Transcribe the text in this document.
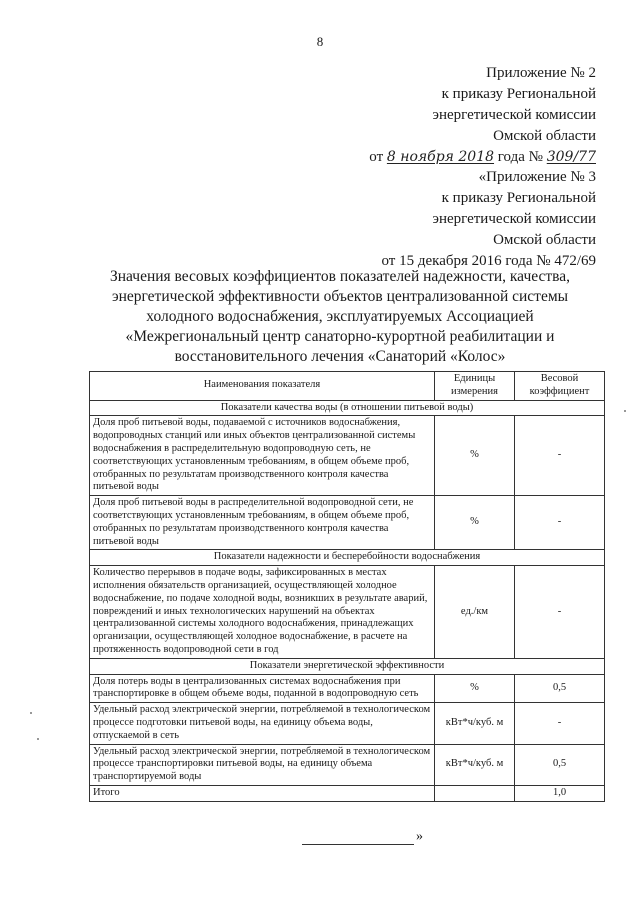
8
Приложение № 2
к приказу Региональной
энергетической комиссии
Омской области
от 8 ноября 2018 года № 309/77
«Приложение № 3
к приказу Региональной
энергетической комиссии
Омской области
от 15 декабря 2016 года № 472/69
Значения весовых коэффициентов показателей надежности, качества,
энергетической эффективности объектов централизованной системы
холодного водоснабжения, эксплуатируемых Ассоциацией
«Межрегиональный центр санаторно-курортной реабилитации и
восстановительного лечения «Санаторий «Колос»
Наименования показателя	Единицы измерения	Весовой коэффициент
Показатели качества воды (в отношении питьевой воды)		
Доля проб питьевой воды, подаваемой с источников водоснабжения, водопроводных станций или иных объектов централизованной системы водоснабжения в распределительную водопроводную сеть, не соответствующих установленным требованиям, в общем объеме проб, отобранных по результатам производственного контроля качества питьевой воды	%	-
Доля проб питьевой воды в распределительной водопроводной сети, не соответствующих установленным требованиям, в общем объеме проб, отобранных по результатам производственного контроля качества питьевой воды	%	-
Показатели надежности и бесперебойности водоснабжения		
Количество перерывов в подаче воды, зафиксированных в местах исполнения обязательств организацией, осуществляющей холодное водоснабжение, по подаче холодной воды, возникших в результате аварий, повреждений и иных технологических нарушений на объектах централизованной системы холодного водоснабжения, принадлежащих организации, осуществляющей холодное водоснабжение, в расчете на протяженность водопроводной сети в год	ед./км	-
Показатели энергетической эффективности		
Доля потерь воды в централизованных системах водоснабжения при транспортировке в общем объеме воды, поданной в водопроводную сеть	%	0,5
Удельный расход электрической энергии, потребляемой в технологическом процессе подготовки питьевой воды, на единицу объема воды, отпускаемой в сеть	кВт*ч/куб. м	-
Удельный расход электрической энергии, потребляемой в технологическом процессе транспортировки питьевой воды, на единицу объема транспортируемой воды	кВт*ч/куб. м	0,5
Итого		1,0
»
